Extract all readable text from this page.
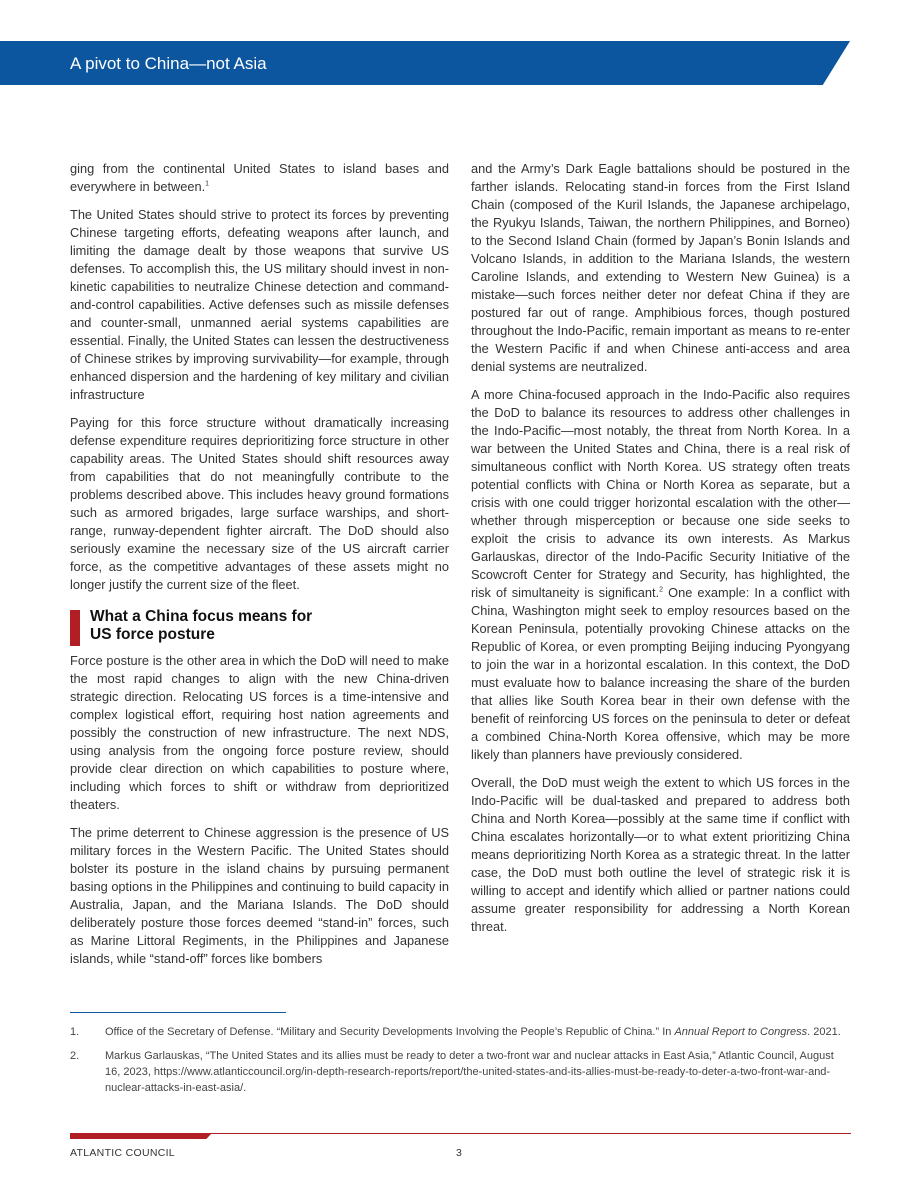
A pivot to China—not Asia

ging from the continental United States to island bases and everywhere in between.$^1$

The United States should strive to protect its forces by preventing Chinese targeting efforts, defeating weapons after launch, and limiting the damage dealt by those weapons that survive US defenses. To accomplish this, the US military should invest in non-kinetic capabilities to neutralize Chinese detection and command-and-control capabilities. Active defenses such as missile defenses and counter-small, unmanned aerial systems capabilities are essential. Finally, the United States can lessen the destructiveness of Chinese strikes by improving survivability—for example, through enhanced dispersion and the hardening of key military and civilian infrastructure

Paying for this force structure without dramatically increasing defense expenditure requires deprioritizing force structure in other capability areas. The United States should shift resources away from capabilities that do not meaningfully contribute to the problems described above. This includes heavy ground formations such as armored brigades, large surface warships, and short-range, runway-dependent fighter aircraft. The DoD should also seriously examine the necessary size of the US aircraft carrier force, as the competitive advantages of these assets might no longer justify the current size of the fleet.

What a China focus means for
US force posture

Force posture is the other area in which the DoD will need to make the most rapid changes to align with the new China-driven strategic direction. Relocating US forces is a time-intensive and complex logistical effort, requiring host nation agreements and possibly the construction of new infrastructure. The next NDS, using analysis from the ongoing force posture review, should provide clear direction on which capabilities to posture where, including which forces to shift or withdraw from deprioritized theaters.

The prime deterrent to Chinese aggression is the presence of US military forces in the Western Pacific. The United States should bolster its posture in the island chains by pursuing permanent basing options in the Philippines and continuing to build capacity in Australia, Japan, and the Mariana Islands. The DoD should deliberately posture those forces deemed “stand-in” forces, such as Marine Littoral Regiments, in the Philippines and Japanese islands, while “stand-off” forces like bombers

and the Army’s Dark Eagle battalions should be postured in the farther islands. Relocating stand-in forces from the First Island Chain (composed of the Kuril Islands, the Japanese archipelago, the Ryukyu Islands, Taiwan, the northern Philippines, and Borneo) to the Second Island Chain (formed by Japan’s Bonin Islands and Volcano Islands, in addition to the Mariana Islands, the western Caroline Islands, and extending to Western New Guinea) is a mistake—such forces neither deter nor defeat China if they are postured far out of range. Amphibious forces, though postured throughout the Indo-Pacific, remain important as means to re-enter the Western Pacific if and when Chinese anti-access and area denial systems are neutralized.

A more China-focused approach in the Indo-Pacific also requires the DoD to balance its resources to address other challenges in the Indo-Pacific—most notably, the threat from North Korea. In a war between the United States and China, there is a real risk of simultaneous conflict with North Korea. US strategy often treats potential conflicts with China or North Korea as separate, but a crisis with one could trigger horizontal escalation with the other—whether through misperception or because one side seeks to exploit the crisis to advance its own interests. As Markus Garlauskas, director of the Indo-Pacific Security Initiative of the Scowcroft Center for Strategy and Security, has highlighted, the risk of simultaneity is significant.$^2$ One example: In a conflict with China, Washington might seek to employ resources based on the Korean Peninsula, potentially provoking Chinese attacks on the Republic of Korea, or even prompting Beijing inducing Pyongyang to join the war in a horizontal escalation. In this context, the DoD must evaluate how to balance increasing the share of the burden that allies like South Korea bear in their own defense with the benefit of reinforcing US forces on the peninsula to deter or defeat a combined China-North Korea offensive, which may be more likely than planners have previously considered.

Overall, the DoD must weigh the extent to which US forces in the Indo-Pacific will be dual-tasked and prepared to address both China and North Korea—possibly at the same time if conflict with China escalates horizontally—or to what extent prioritizing China means deprioritizing North Korea as a strategic threat. In the latter case, the DoD must both outline the level of strategic risk it is willing to accept and identify which allied or partner nations could assume greater responsibility for addressing a North Korean threat.

1.	Office of the Secretary of Defense. “Military and Security Developments Involving the People’s Republic of China.” In Annual Report to Congress. 2021.
2.	Markus Garlauskas, “The United States and its allies must be ready to deter a two-front war and nuclear attacks in East Asia,” Atlantic Council, August 16, 2023, https://www.atlanticcouncil.org/in-depth-research-reports/report/the-united-states-and-its-allies-must-be-ready-to-deter-a-two-front-war-and-nuclear-attacks-in-east-asia/.
ATLANTIC COUNCIL	3
